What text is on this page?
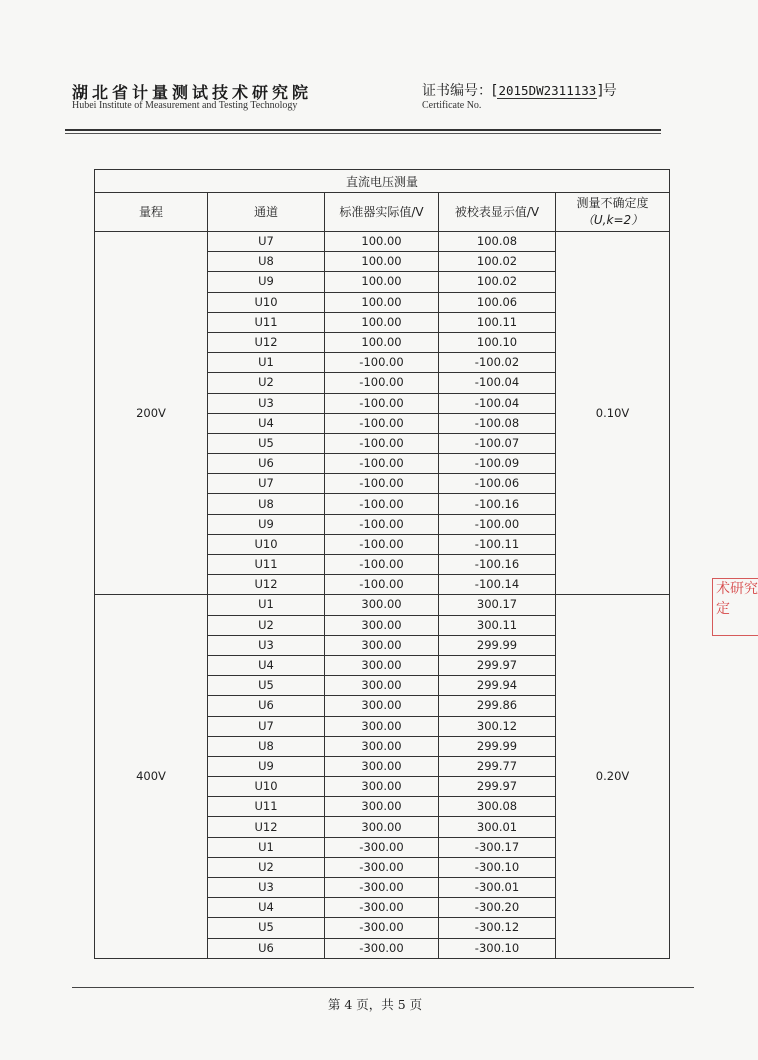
湖北省计量测试技术研究院
Hubei Institute of Measurement and Testing Technology
证书编号：[2015DW2311133]号
Certificate No.
直流电压测量				
量程	通道	标准器实际值/V	被校表显示值/V	测量不确定度
（U,k=2）

200V	U7	100.00	100.08	0.10V
	U8	100.00	100.02	
	U9	100.00	100.02	
	U10	100.00	100.06	
	U11	100.00	100.11	
	U12	100.00	100.10	
	U1	-100.00	-100.02	
	U2	-100.00	-100.04	
	U3	-100.00	-100.04	
	U4	-100.00	-100.08	
	U5	-100.00	-100.07	
	U6	-100.00	-100.09	
	U7	-100.00	-100.06	
	U8	-100.00	-100.16	
	U9	-100.00	-100.00	
	U10	-100.00	-100.11	
	U11	-100.00	-100.16	
	U12	-100.00	-100.14	
400V	U1	300.00	300.17	0.20V
	U2	300.00	300.11	
	U3	300.00	299.99	
	U4	300.00	299.97	
	U5	300.00	299.94	
	U6	300.00	299.86	
	U7	300.00	300.12	
	U8	300.00	299.99	
	U9	300.00	299.77	
	U10	300.00	299.97	
	U11	300.00	300.08	
	U12	300.00	300.01	
	U1	-300.00	-300.17	
	U2	-300.00	-300.10	
	U3	-300.00	-300.01	
	U4	-300.00	-300.20	
	U5	-300.00	-300.12	
	U6	-300.00	-300.10	
术研究
定
第 4 页，共 5 页
